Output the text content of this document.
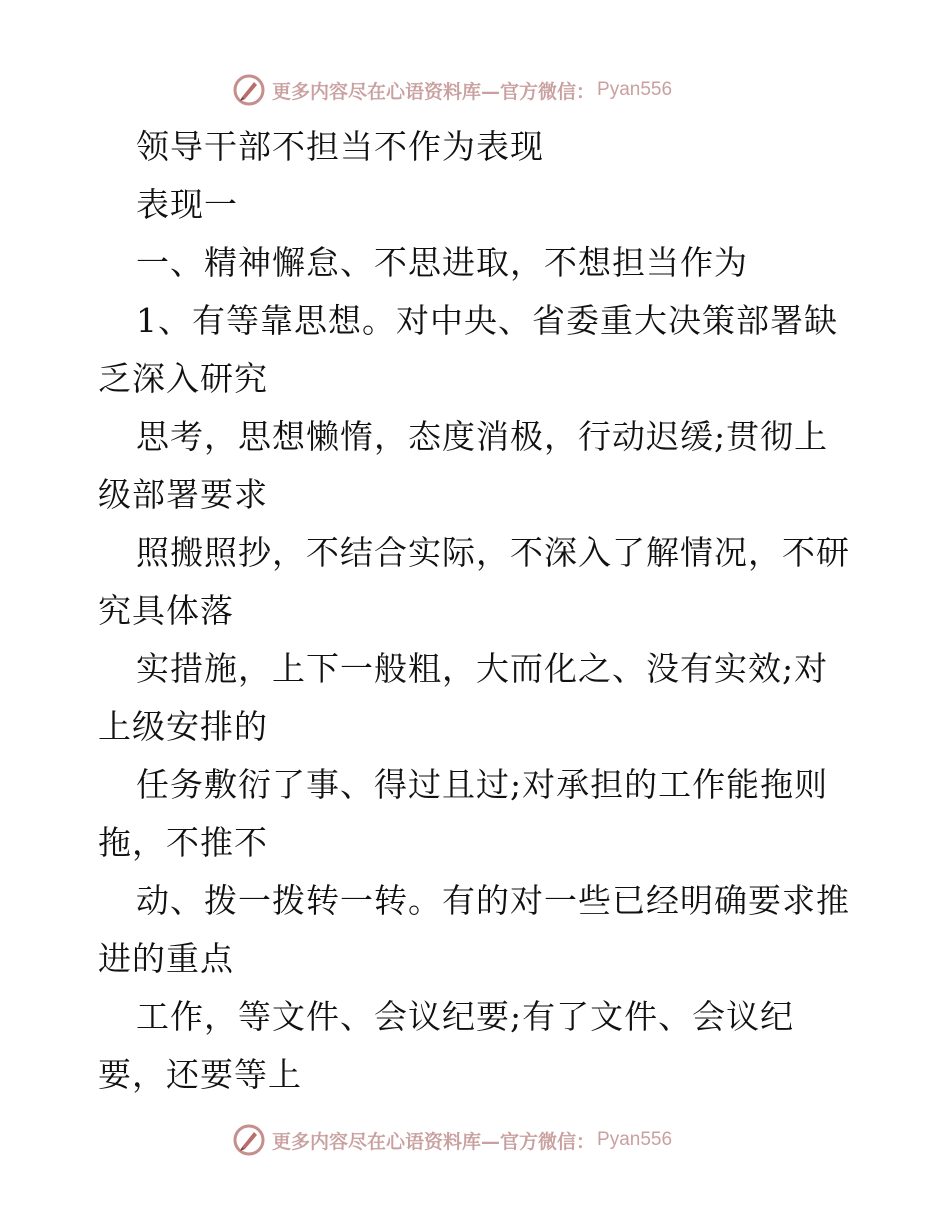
更多内容尽在心语资料库—官方微信： Pyan556
领导干部不担当不作为表现
表现一
一、精神懈怠、不思进取，不想担当作为
1、有等靠思想。对中央、省委重大决策部署缺
乏深入研究
思考，思想懒惰，态度消极，行动迟缓;贯彻上
级部署要求
照搬照抄，不结合实际，不深入了解情况，不研
究具体落
实措施，上下一般粗，大而化之、没有实效;对
上级安排的
任务敷衍了事、得过且过;对承担的工作能拖则
拖，不推不
动、拨一拨转一转。有的对一些已经明确要求推
进的重点
工作，等文件、会议纪要;有了文件、会议纪
要，还要等上
更多内容尽在心语资料库—官方微信： Pyan556
